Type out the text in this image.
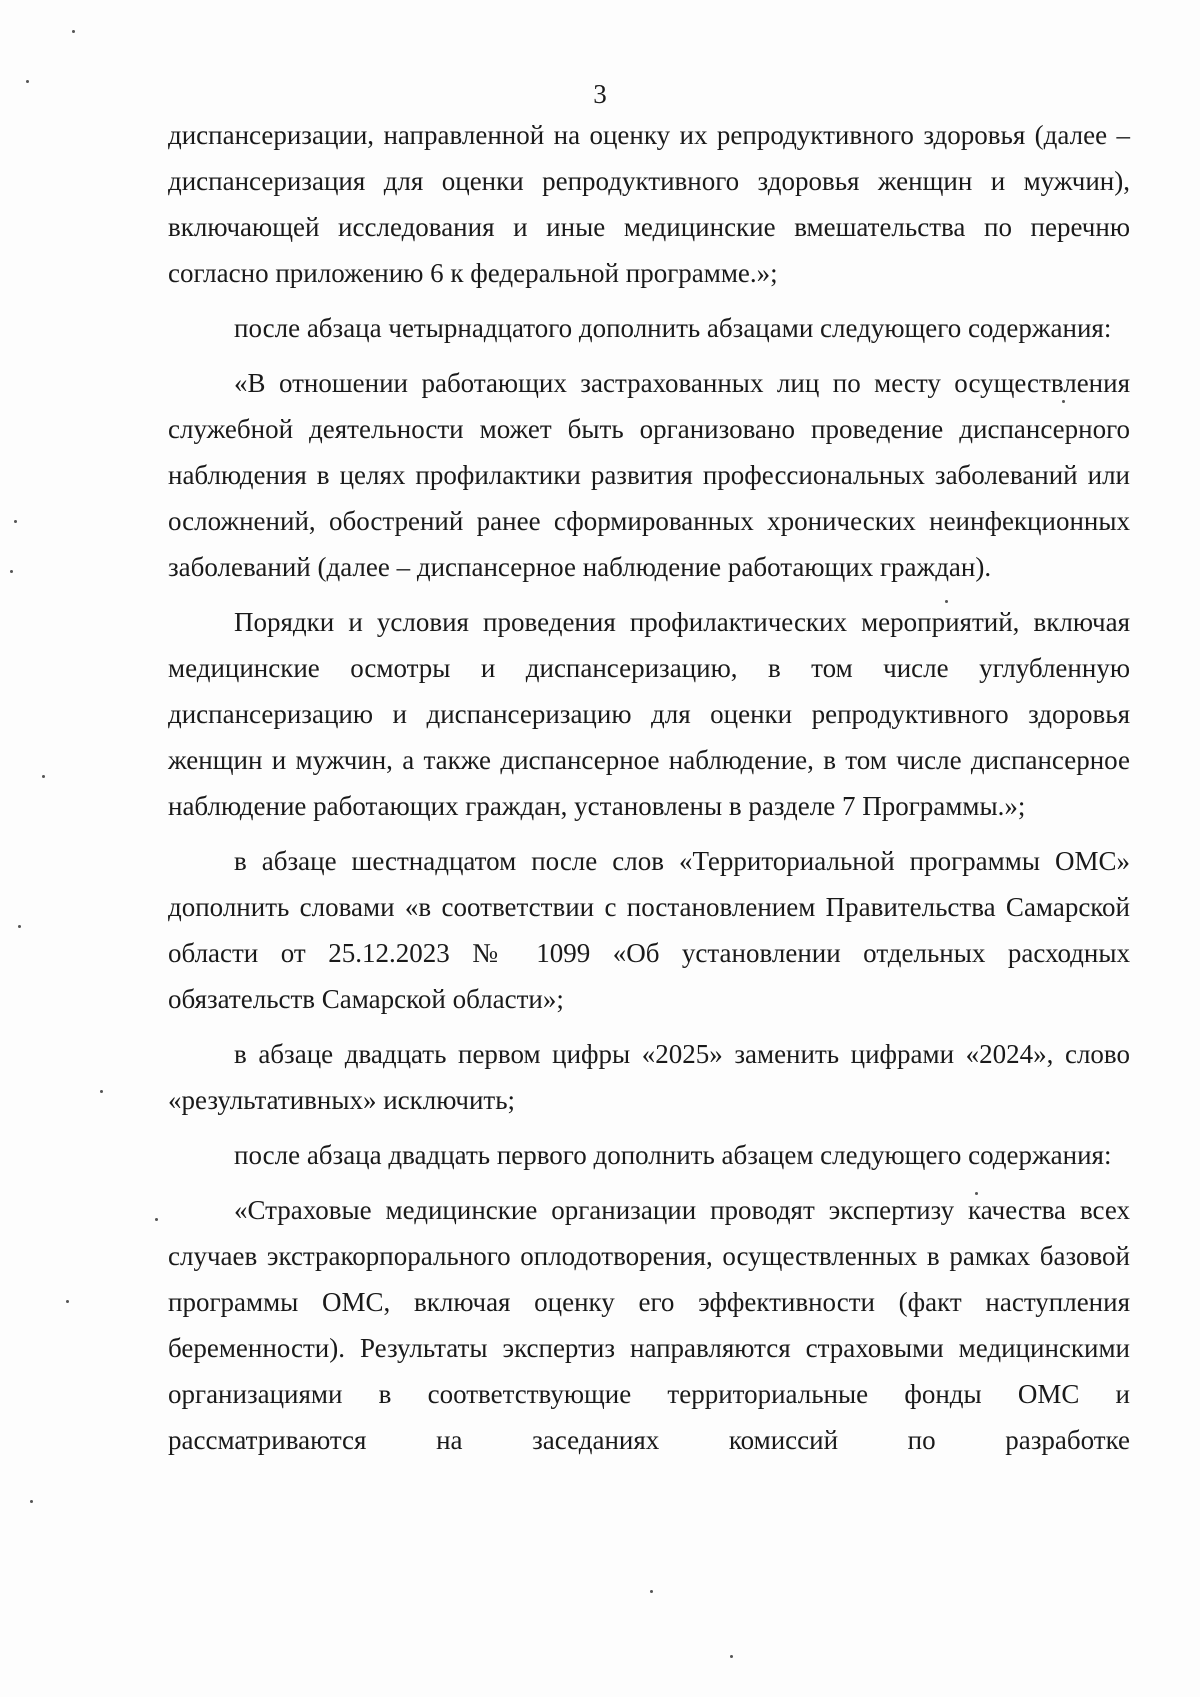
3

диспансеризации, направленной на оценку их репродуктивного здоровья (далее – диспансеризация для оценки репродуктивного здоровья женщин и мужчин), включающей исследования и иные медицинские вмешательства по перечню согласно приложению 6 к федеральной программе.»;

после абзаца четырнадцатого дополнить абзацами следующего содержания:

«В отношении работающих застрахованных лиц по месту осуществления служебной деятельности может быть организовано проведение диспансерного наблюдения в целях профилактики развития профессиональных заболеваний или осложнений, обострений ранее сформированных хронических неинфекционных заболеваний (далее – диспансерное наблюдение работающих граждан).

Порядки и условия проведения профилактических мероприятий, включая медицинские осмотры и диспансеризацию, в том числе углубленную диспансеризацию и диспансеризацию для оценки репродуктивного здоровья женщин и мужчин, а также диспансерное наблюдение, в том числе диспансерное наблюдение работающих граждан, установлены в разделе 7 Программы.»;

в абзаце шестнадцатом после слов «Территориальной программы ОМС» дополнить словами «в соответствии с постановлением Правительства Самарской области от 25.12.2023 № 1099 «Об установлении отдельных расходных обязательств Самарской области»;

в абзаце двадцать первом цифры «2025» заменить цифрами «2024», слово «результативных» исключить;

после абзаца двадцать первого дополнить абзацем следующего содержания:

«Страховые медицинские организации проводят экспертизу качества всех случаев экстракорпорального оплодотворения, осуществленных в рамках базовой программы ОМС, включая оценку его эффективности (факт наступления беременности). Результаты экспертиз направляются страховыми медицинскими организациями в соответствующие территориальные фонды ОМС и рассматриваются на заседаниях комиссий по разработке
